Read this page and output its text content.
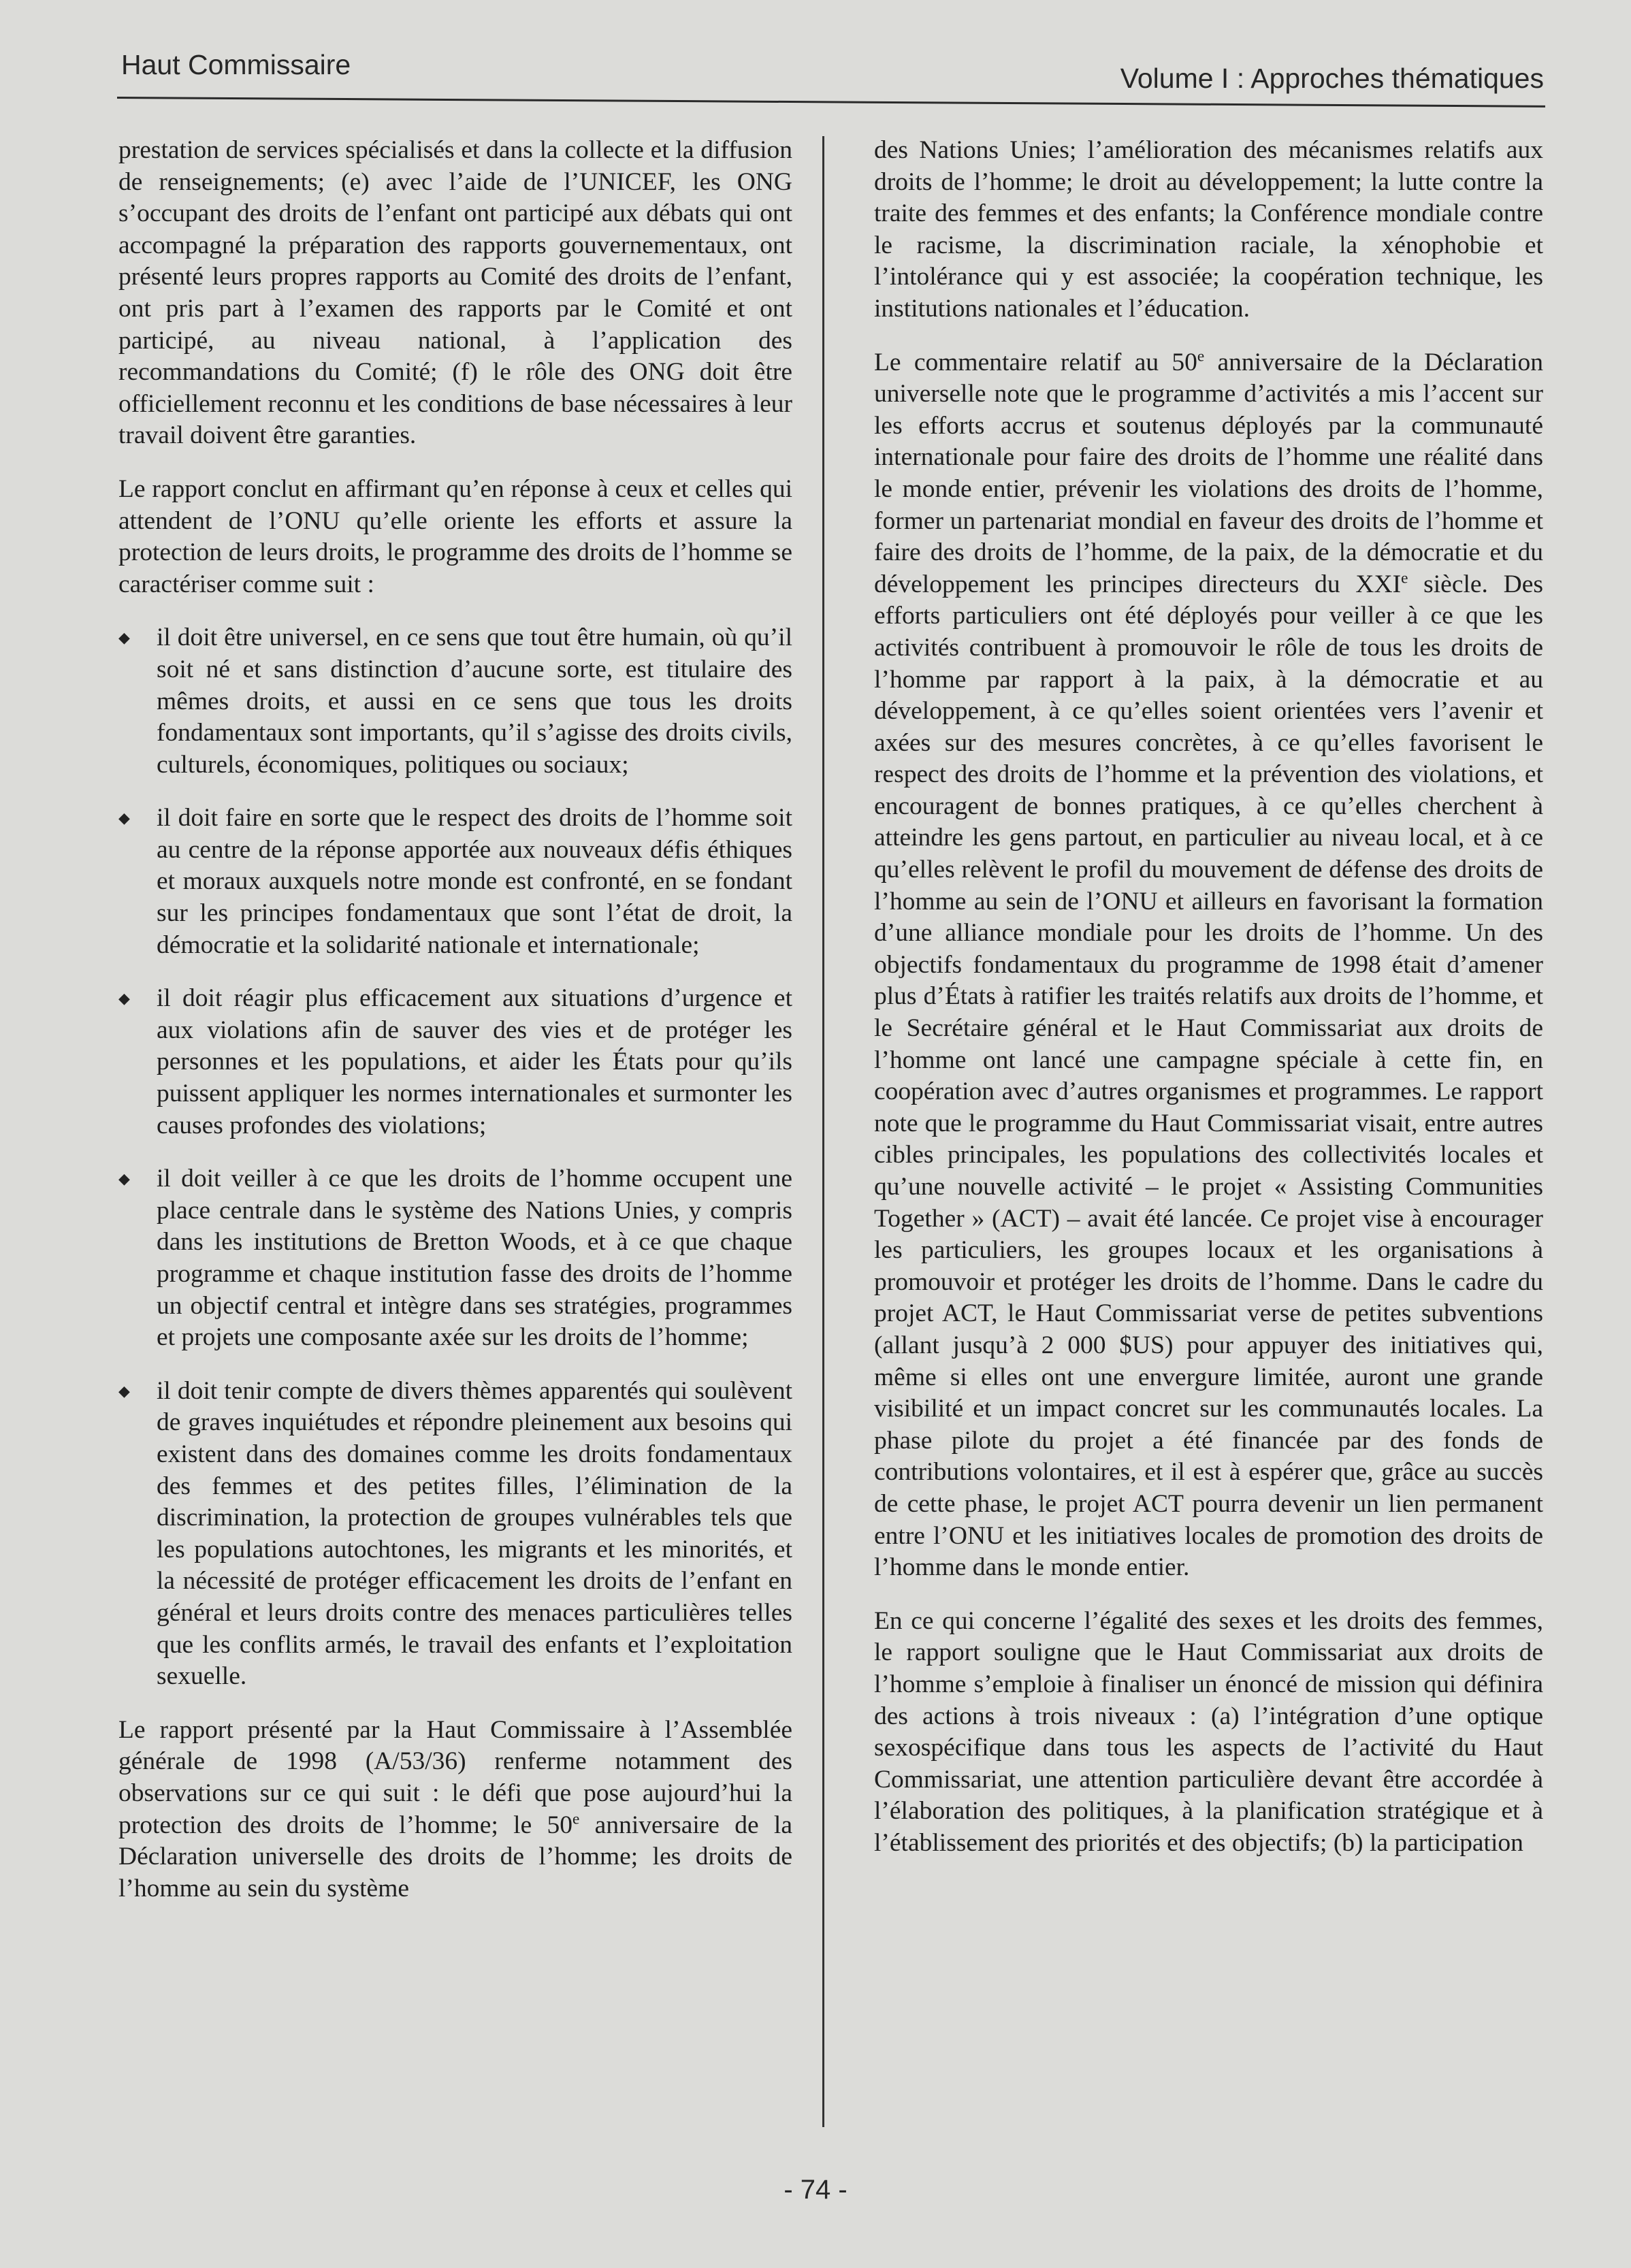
Haut Commissaire	Volume I : Approches thématiques

prestation de services spécialisés et dans la collecte et la diffusion de renseignements; (e) avec l’aide de l’UNICEF, les ONG s’occupant des droits de l’enfant ont participé aux débats qui ont accompagné la préparation des rapports gouvernementaux, ont présenté leurs propres rapports au Comité des droits de l’enfant, ont pris part à l’examen des rapports par le Comité et ont participé, au niveau national, à l’application des recommandations du Comité; (f) le rôle des ONG doit être officiellement reconnu et les conditions de base nécessaires à leur travail doivent être garanties.

Le rapport conclut en affirmant qu’en réponse à ceux et celles qui attendent de l’ONU qu’elle oriente les efforts et assure la protection de leurs droits, le programme des droits de l’homme se caractériser comme suit :

◆ il doit être universel, en ce sens que tout être humain, où qu’il soit né et sans distinction d’aucune sorte, est titulaire des mêmes droits, et aussi en ce sens que tous les droits fondamentaux sont importants, qu’il s’agisse des droits civils, culturels, économiques, politiques ou sociaux;
◆ il doit faire en sorte que le respect des droits de l’homme soit au centre de la réponse apportée aux nouveaux défis éthiques et moraux auxquels notre monde est confronté, en se fondant sur les principes fondamentaux que sont l’état de droit, la démocratie et la solidarité nationale et internationale;
◆ il doit réagir plus efficacement aux situations d’urgence et aux violations afin de sauver des vies et de protéger les personnes et les populations, et aider les États pour qu’ils puissent appliquer les normes internationales et surmonter les causes profondes des violations;
◆ il doit veiller à ce que les droits de l’homme occupent une place centrale dans le système des Nations Unies, y compris dans les institutions de Bretton Woods, et à ce que chaque programme et chaque institution fasse des droits de l’homme un objectif central et intègre dans ses stratégies, programmes et projets une composante axée sur les droits de l’homme;
◆ il doit tenir compte de divers thèmes apparentés qui soulèvent de graves inquiétudes et répondre pleinement aux besoins qui existent dans des domaines comme les droits fondamentaux des femmes et des petites filles, l’élimination de la discrimination, la protection de groupes vulnérables tels que les populations autochtones, les migrants et les minorités, et la nécessité de protéger efficacement les droits de l’enfant en général et leurs droits contre des menaces particulières telles que les conflits armés, le travail des enfants et l’exploitation sexuelle.

Le rapport présenté par la Haut Commissaire à l’Assemblée générale de 1998 (A/53/36) renferme notamment des observations sur ce qui suit : le défi que pose aujourd’hui la protection des droits de l’homme; le 50e anniversaire de la Déclaration universelle des droits de l’homme; les droits de l’homme au sein du système

des Nations Unies; l’amélioration des mécanismes relatifs aux droits de l’homme; le droit au développement; la lutte contre la traite des femmes et des enfants; la Conférence mondiale contre le racisme, la discrimination raciale, la xénophobie et l’intolérance qui y est associée; la coopération technique, les institutions nationales et l’éducation.

Le commentaire relatif au 50e anniversaire de la Déclaration universelle note que le programme d’activités a mis l’accent sur les efforts accrus et soutenus déployés par la communauté internationale pour faire des droits de l’homme une réalité dans le monde entier, prévenir les violations des droits de l’homme, former un partenariat mondial en faveur des droits de l’homme et faire des droits de l’homme, de la paix, de la démocratie et du développement les principes directeurs du XXIe siècle. Des efforts particuliers ont été déployés pour veiller à ce que les activités contribuent à promouvoir le rôle de tous les droits de l’homme par rapport à la paix, à la démocratie et au développement, à ce qu’elles soient orientées vers l’avenir et axées sur des mesures concrètes, à ce qu’elles favorisent le respect des droits de l’homme et la prévention des violations, et encouragent de bonnes pratiques, à ce qu’elles cherchent à atteindre les gens partout, en particulier au niveau local, et à ce qu’elles relèvent le profil du mouvement de défense des droits de l’homme au sein de l’ONU et ailleurs en favorisant la formation d’une alliance mondiale pour les droits de l’homme. Un des objectifs fondamentaux du programme de 1998 était d’amener plus d’États à ratifier les traités relatifs aux droits de l’homme, et le Secrétaire général et le Haut Commissariat aux droits de l’homme ont lancé une campagne spéciale à cette fin, en coopération avec d’autres organismes et programmes. Le rapport note que le programme du Haut Commissariat visait, entre autres cibles principales, les populations des collectivités locales et qu’une nouvelle activité – le projet « Assisting Communities Together » (ACT) – avait été lancée. Ce projet vise à encourager les particuliers, les groupes locaux et les organisations à promouvoir et protéger les droits de l’homme. Dans le cadre du projet ACT, le Haut Commissariat verse de petites subventions (allant jusqu’à 2 000 $US) pour appuyer des initiatives qui, même si elles ont une envergure limitée, auront une grande visibilité et un impact concret sur les communautés locales. La phase pilote du projet a été financée par des fonds de contributions volontaires, et il est à espérer que, grâce au succès de cette phase, le projet ACT pourra devenir un lien permanent entre l’ONU et les initiatives locales de promotion des droits de l’homme dans le monde entier.

En ce qui concerne l’égalité des sexes et les droits des femmes, le rapport souligne que le Haut Commissariat aux droits de l’homme s’emploie à finaliser un énoncé de mission qui définira des actions à trois niveaux : (a) l’intégration d’une optique sexospécifique dans tous les aspects de l’activité du Haut Commissariat, une attention particulière devant être accordée à l’élaboration des politiques, à la planification stratégique et à l’établissement des priorités et des objectifs; (b) la participation

- 74 -
